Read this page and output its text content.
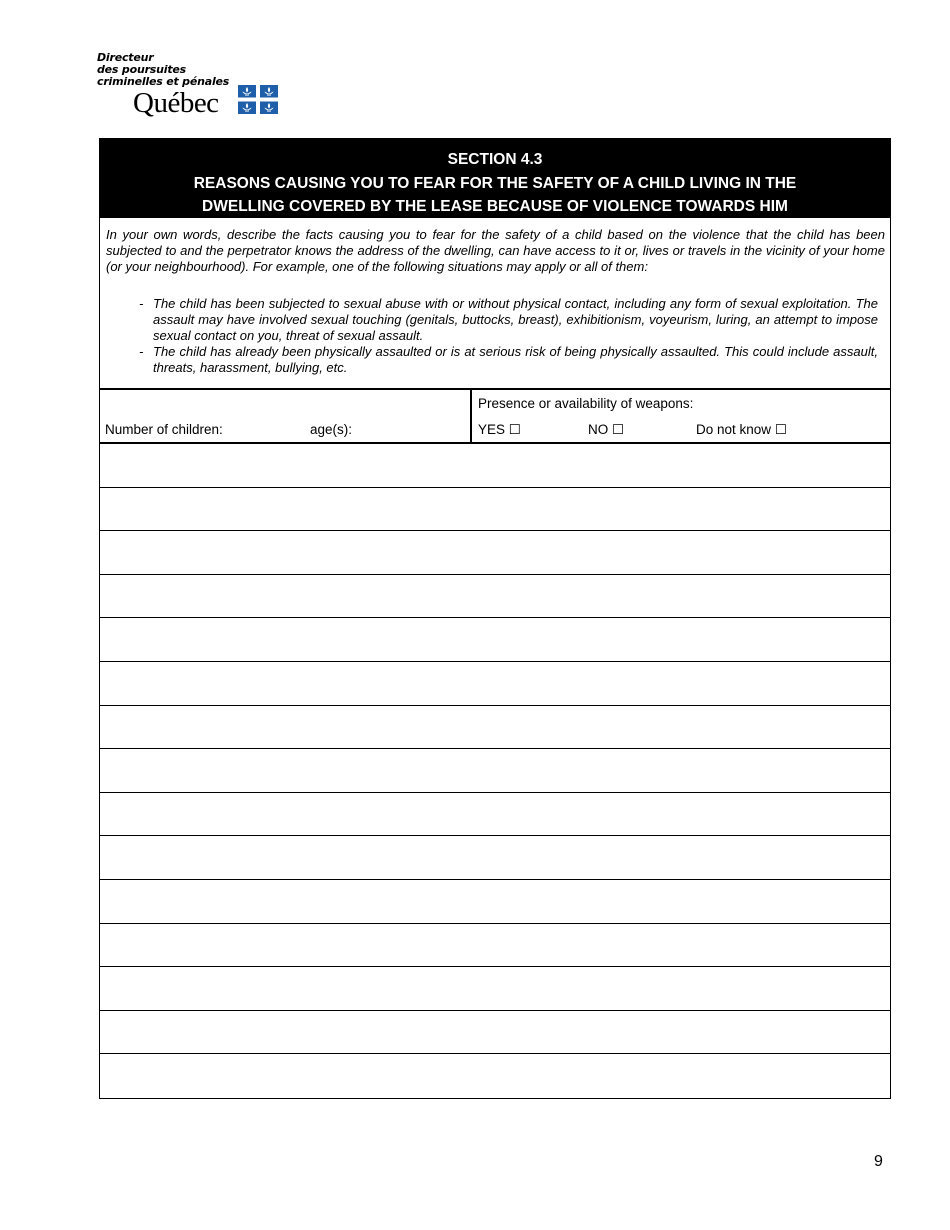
Directeur
des poursuites
criminelles et pénales
Québec
SECTION 4.3
REASONS CAUSING YOU TO FEAR FOR THE SAFETY OF A CHILD LIVING IN THE
DWELLING COVERED BY THE LEASE BECAUSE OF VIOLENCE TOWARDS HIM

In your own words, describe the facts causing you to fear for the safety of a child based on the violence that the child has been subjected to and the perpetrator knows the address of the dwelling, can have access to it or, lives or travels in the vicinity of your home (or your neighbourhood). For example, one of the following situations may apply or all of them:

- The child has been subjected to sexual abuse with or without physical contact, including any form of sexual exploitation. The assault may have involved sexual touching (genitals, buttocks, breast), exhibitionism, voyeurism, luring, an attempt to impose sexual contact on you, threat of sexual assault.
- The child has already been physically assaulted or is at serious risk of being physically assaulted. This could include assault, threats, harassment, bullying, etc.
Number of children:	age(s):
Presence or availability of weapons:
YES ☐	NO ☐	Do not know ☐
9
